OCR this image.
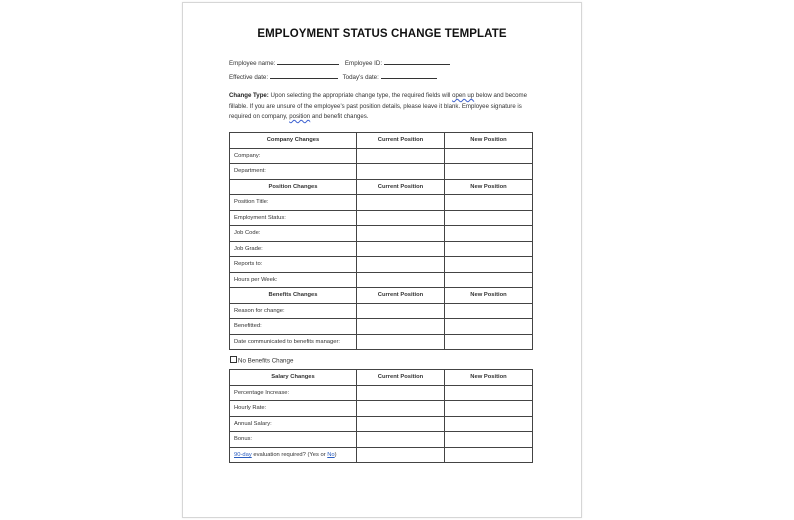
EMPLOYMENT STATUS CHANGE TEMPLATE
Employee name:	Employee ID:
Effective date:	Today's date:
Change Type: Upon selecting the appropriate change type, the required fields will open up below and become fillable. If you are unsure of the employee's past position details, please leave it blank. Employee signature is required on company, position and benefit changes.
Company Changes	Current Position	New Position
Company:		
Department:		
Position Changes	Current Position	New Position
Position Title:		
Employment Status:		
Job Code:		
Job Grade:		
Reports to:		
Hours per Week:		
Benefits Changes	Current Position	New Position
Reason for change:		
Benefitted:		
Date communicated to benefits manager:		
No Benefits Change
Salary Changes	Current Position	New Position
Percentage Increase:		
Hourly Rate:		
Annual Salary:		
Bonus:		
90-day evaluation required? (Yes or No)		
